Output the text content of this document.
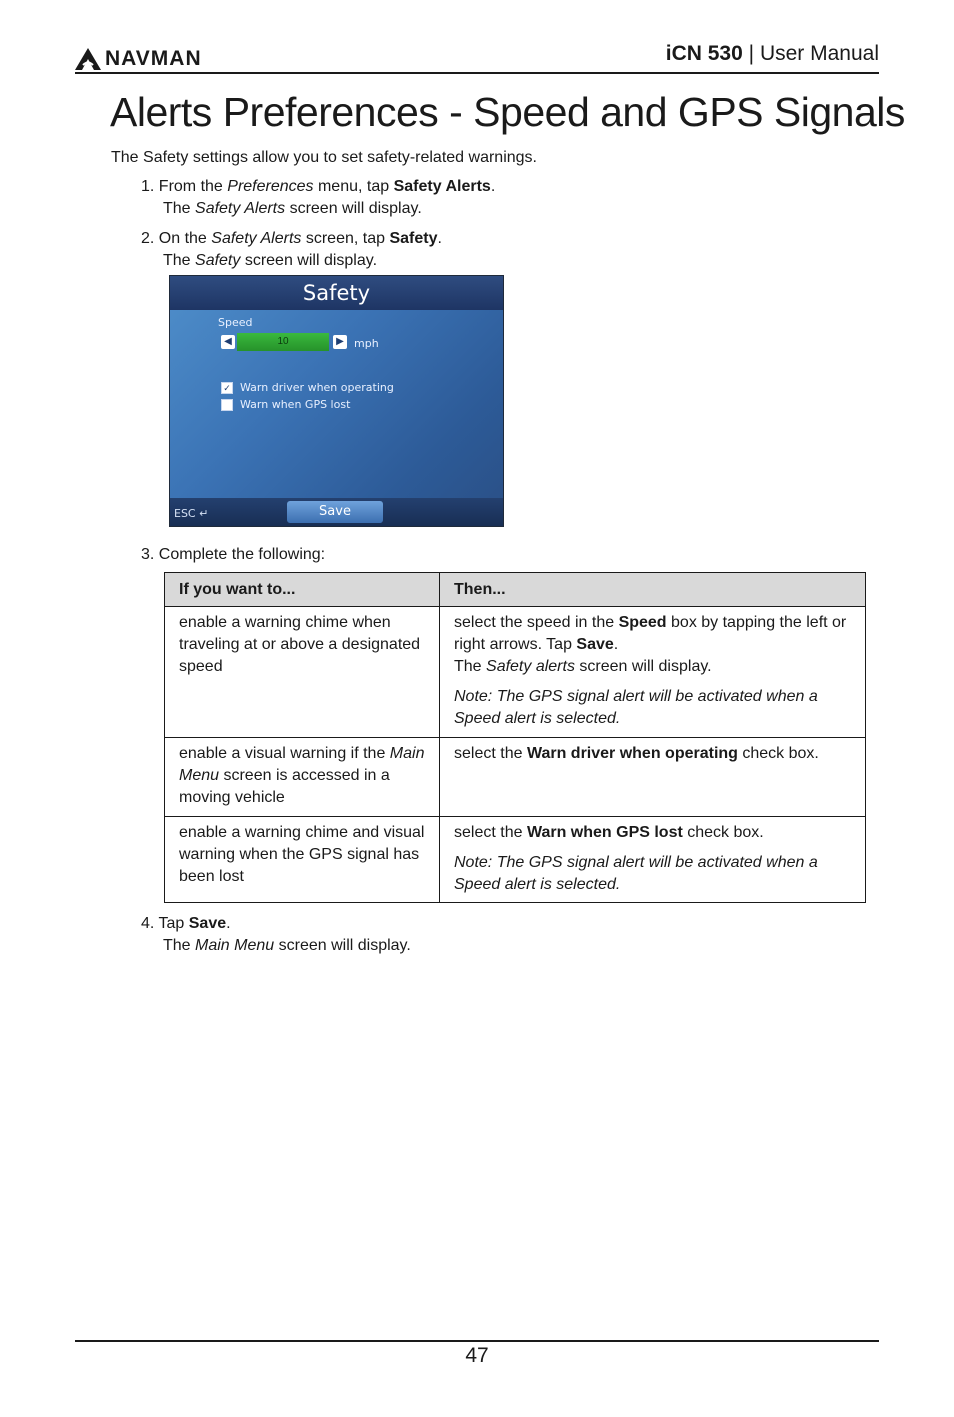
NAVMAN	iCN 530 | User Manual
Alerts Preferences - Speed and GPS Signals
The Safety settings allow you to set safety-related warnings.
1. From the Preferences menu, tap Safety Alerts.
The Safety Alerts screen will display.
2. On the Safety Alerts screen, tap Safety.
The Safety screen will display.
Safety
Speed
◀	10	▶ mph
✓ Warn driver when operating
Warn when GPS lost
ESC ↵	Save
3. Complete the following:
If you want to...	Then...
enable a warning chime when traveling at or above a designated speed	select the speed in the Speed box by tapping the left or right arrows. Tap Save.
The Safety alerts screen will display.

Note: The GPS signal alert will be activated when a Speed alert is selected.

enable a visual warning if the Main Menu screen is accessed in a moving vehicle	select the Warn driver when operating check box.
enable a warning chime and visual warning when the GPS signal has been lost	select the Warn when GPS lost check box.

Note: The GPS signal alert will be activated when a Speed alert is selected.

4. Tap Save.
The Main Menu screen will display.
47
